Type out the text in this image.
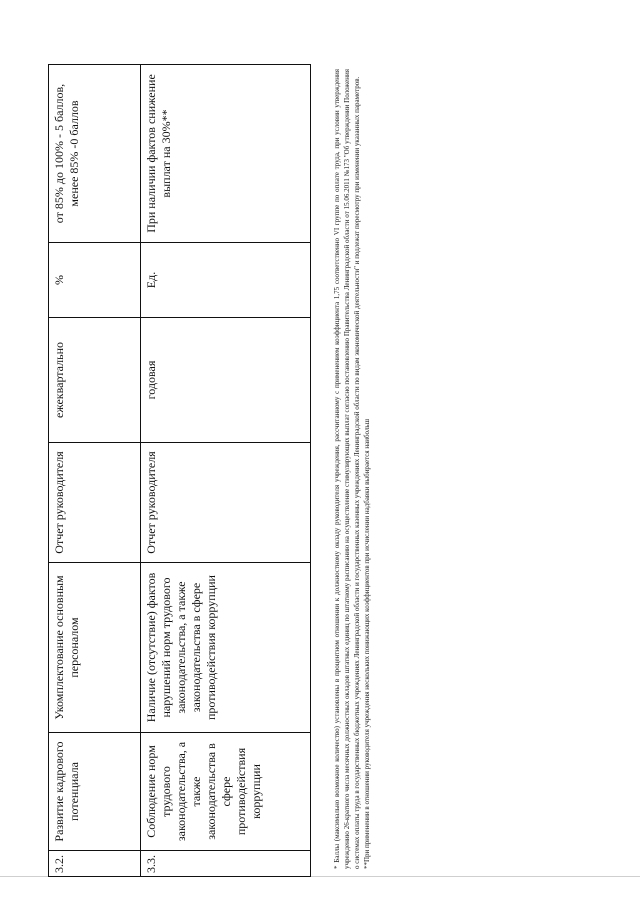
3.2.	Развитие кадрового потенциала	Укомплектование основным персоналом	Отчет руководителя	ежеквартально	%	от 85% до 100% - 5 баллов, менее 85% -0 баллов
3.3.	Соблюдение норм трудового законодательства, а также законодательства в сфере противодействия коррупции	Наличие (отсутствие) фактов нарушений норм трудового законодательства, а также законодательства в сфере противодействия коррупции	Отчет руководителя	годовая	Ед.	При наличии фактов снижение выплат на 30%**	* Баллы (максимально возможное количество) установлены в процентном отношении к должностному окладу руководителя учреждения, рассчитанному с применением коэффициента 1,75 соответственно VI группе по оплате труда, при условии утверждения учреждению 26-кратного числа месячных должностных окладов штатных единиц по штатному расписанию на осуществление стимулирующих выплат согласно постановлению Правительства Ленинградской области от 15.06.2011 №173 "Об утверждении Положения о системах оплаты труда в государственных бюджетных учреждениях Ленинградской области и государственных казенных учреждениях Ленинградской области по видам экономической деятельности" и подлежат пересмотру при изменении указанных параметров. **При применении в отношении руководителя учреждения нескольких понижающих коэффициентов при исчислении надбавки выбирается наибольш
